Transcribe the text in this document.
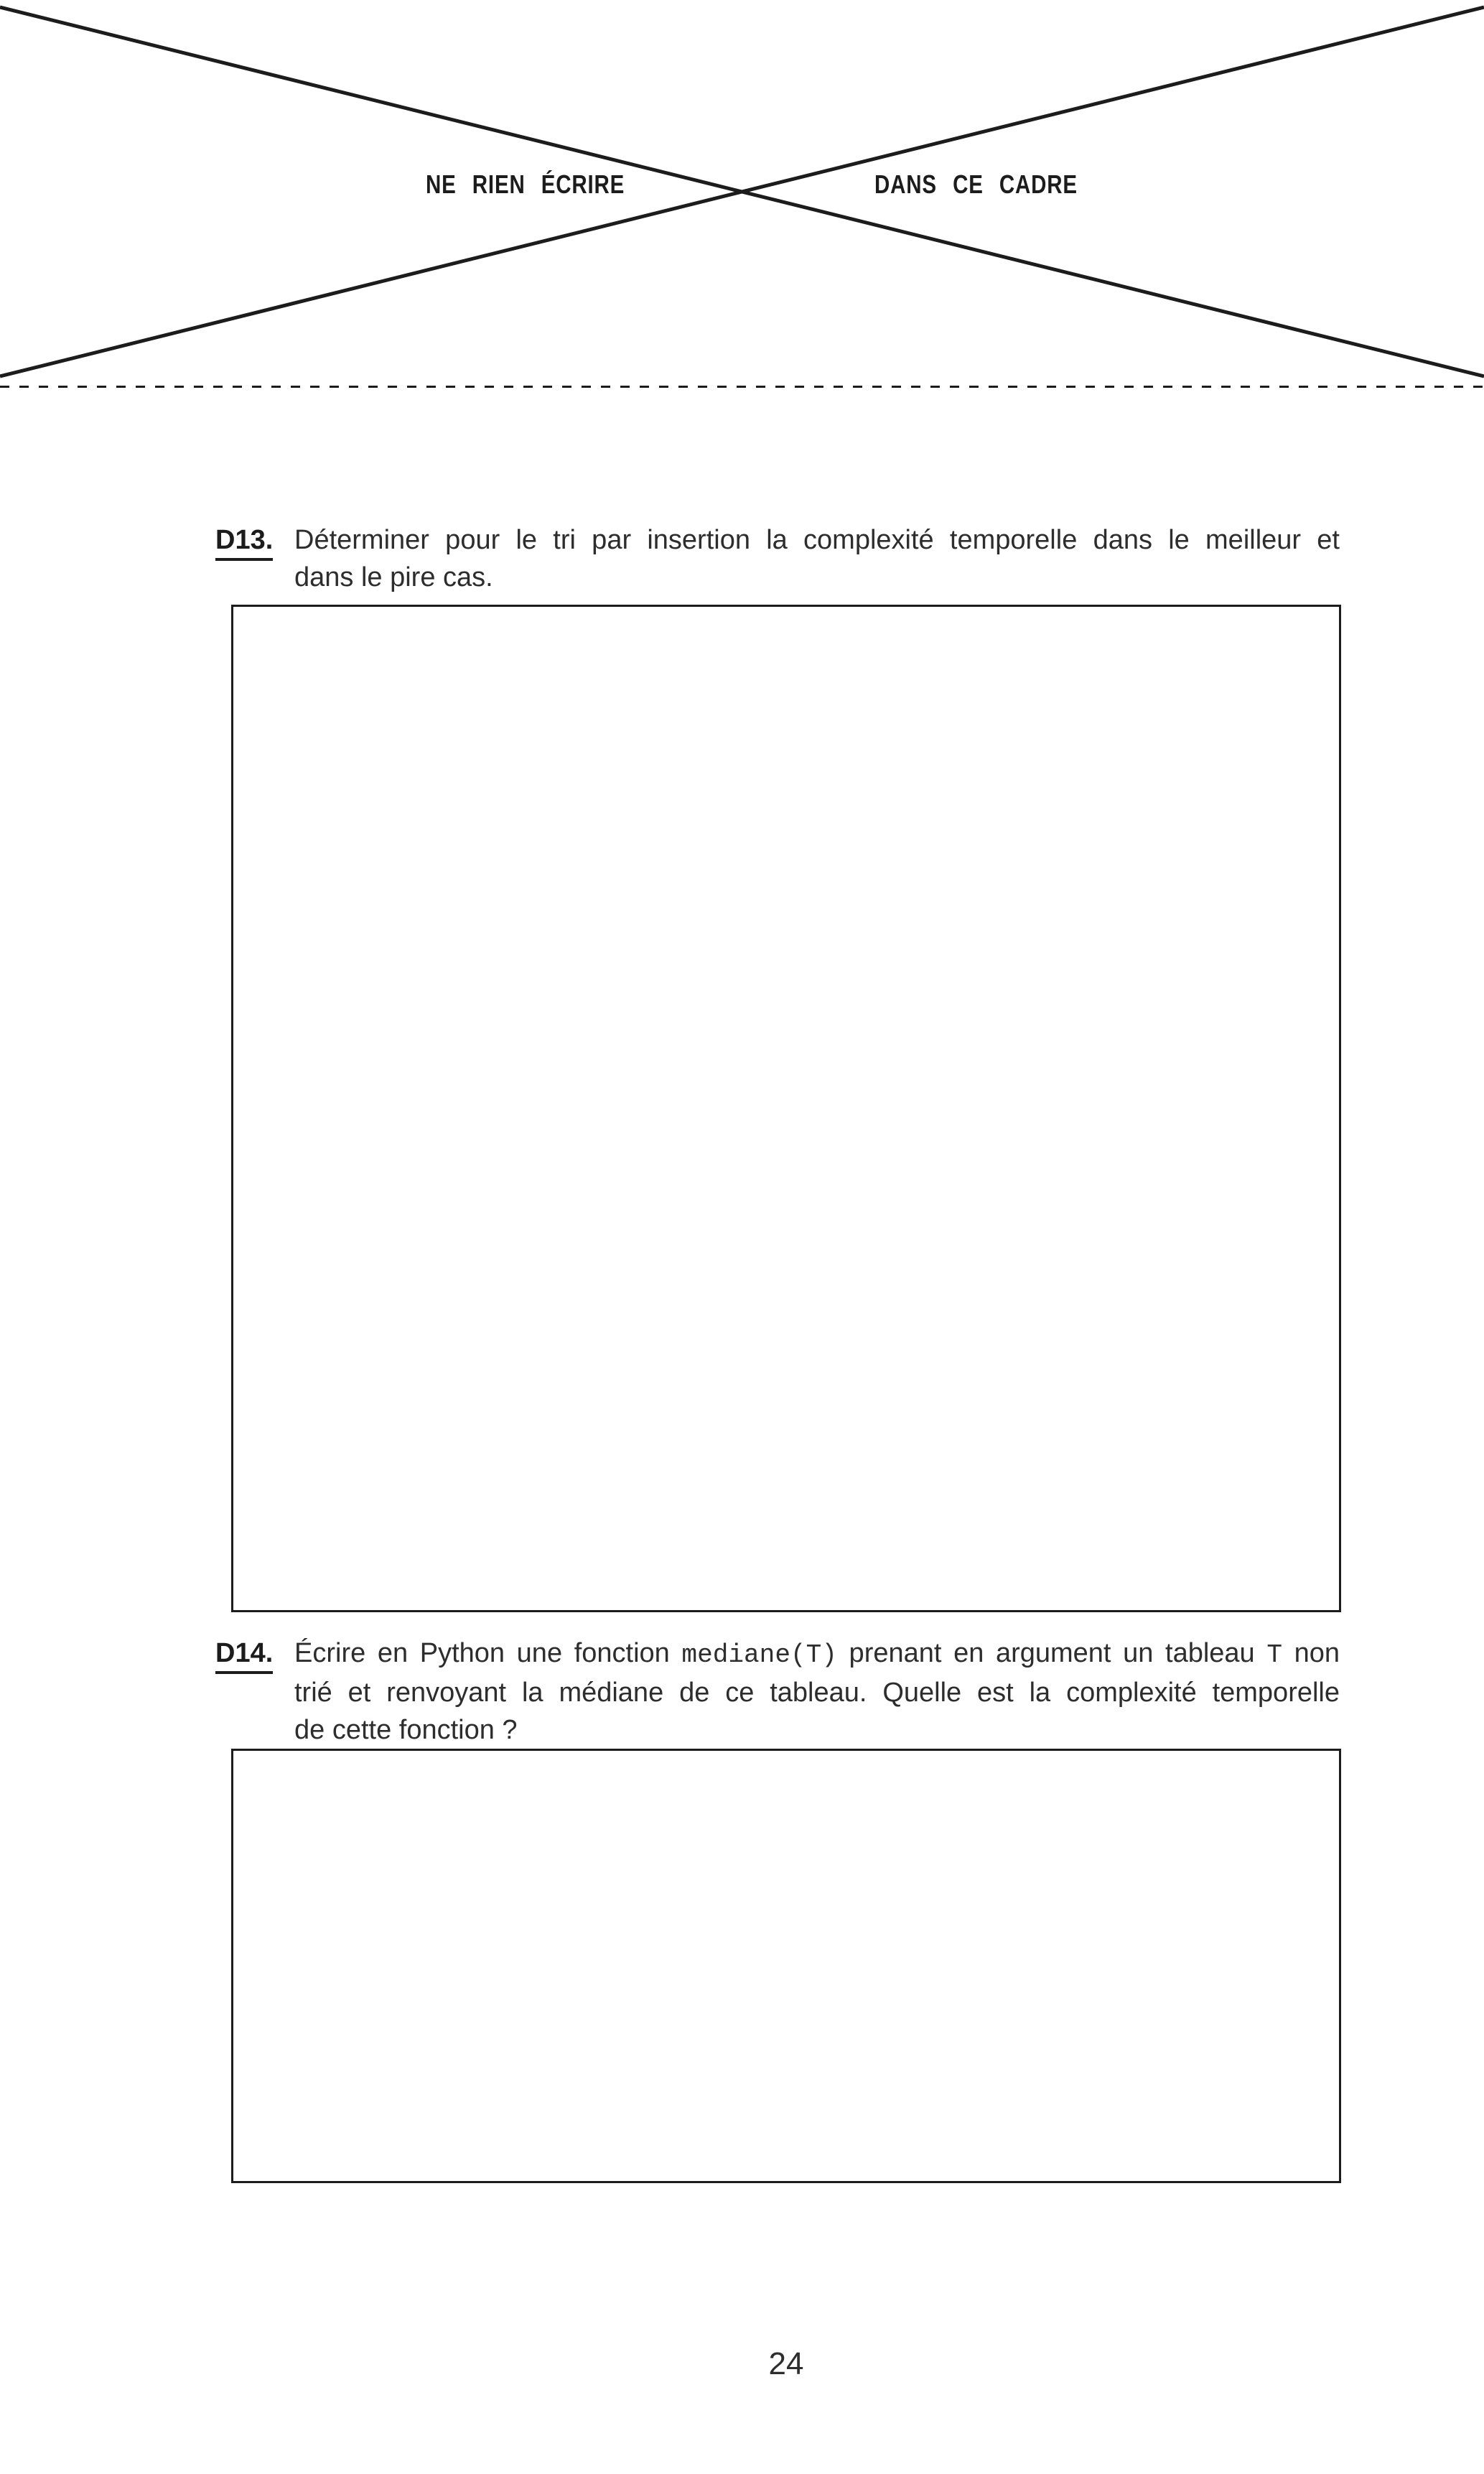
NE RIEN ÉCRIRE	DANS CE CADRE
D13. Déterminer pour le tri par insertion la complexité temporelle dans le meilleur et
dans le pire cas.
D14. Écrire en Python une fonction mediane(T) prenant en argument un tableau T non
trié et renvoyant la médiane de ce tableau. Quelle est la complexité temporelle
de cette fonction ?
24
